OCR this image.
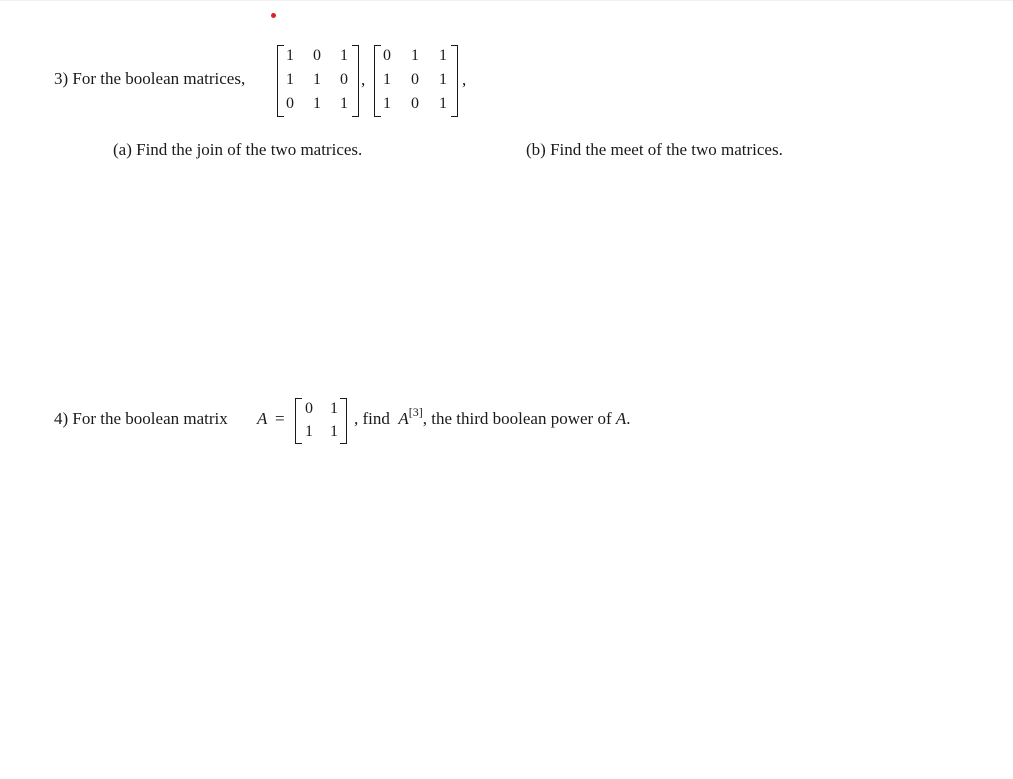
3) For the boolean matrices,
1 0 1
1 1 0
0 1 1
,
0 1 1
1 0 1
1 0 1
,
(a) Find the join of the two matrices.	(b) Find the meet of the two matrices.
4) For the boolean matrix A =
0 1
1 1
, find A[3], the third boolean power of A.
